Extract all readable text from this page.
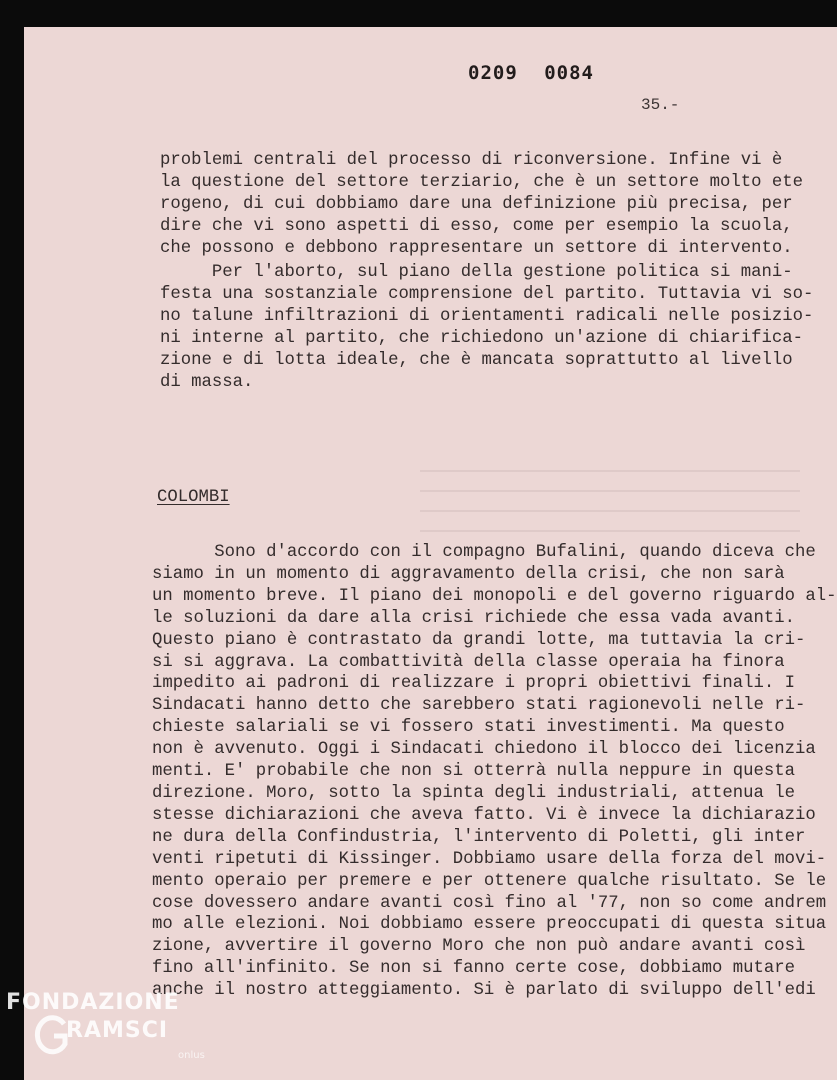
0209 0084
35.-
problemi centrali del processo di riconversione. Infine vi è
la questione del settore terziario, che è un settore molto ete
rogeno, di cui dobbiamo dare una definizione più precisa, per
dire che vi sono aspetti di esso, come per esempio la scuola,
che possono e debbono rappresentare un settore di intervento.
Per l'aborto, sul piano della gestione politica si mani-
festa una sostanziale comprensione del partito. Tuttavia vi so-
no talune infiltrazioni di orientamenti radicali nelle posizio-
ni interne al partito, che richiedono un'azione di chiarifica-
zione e di lotta ideale, che è mancata soprattutto al livello
di massa.
COLOMBI
Sono d'accordo con il compagno Bufalini, quando diceva che
siamo in un momento di aggravamento della crisi, che non sarà
un momento breve. Il piano dei monopoli e del governo riguardo al-
le soluzioni da dare alla crisi richiede che essa vada avanti.
Questo piano è contrastato da grandi lotte, ma tuttavia la cri-
si si aggrava. La combattività della classe operaia ha finora
impedito ai padroni di realizzare i propri obiettivi finali. I
Sindacati hanno detto che sarebbero stati ragionevoli nelle ri-
chieste salariali se vi fossero stati investimenti. Ma questo
non è avvenuto. Oggi i Sindacati chiedono il blocco dei licenzia
menti. E' probabile che non si otterrà nulla neppure in questa
direzione. Moro, sotto la spinta degli industriali, attenua le
stesse dichiarazioni che aveva fatto. Vi è invece la dichiarazio
ne dura della Confindustria, l'intervento di Poletti, gli inter
venti ripetuti di Kissinger. Dobbiamo usare della forza del movi-
mento operaio per premere e per ottenere qualche risultato. Se le
cose dovessero andare avanti così fino al '77, non so come andrem
mo alle elezioni. Noi dobbiamo essere preoccupati di questa situa
zione, avvertire il governo Moro che non può andare avanti così
fino all'infinito. Se non si fanno certe cose, dobbiamo mutare
anche il nostro atteggiamento. Si è parlato di sviluppo dell'edi
FONDAZIONE
RAMSCI
onlus
